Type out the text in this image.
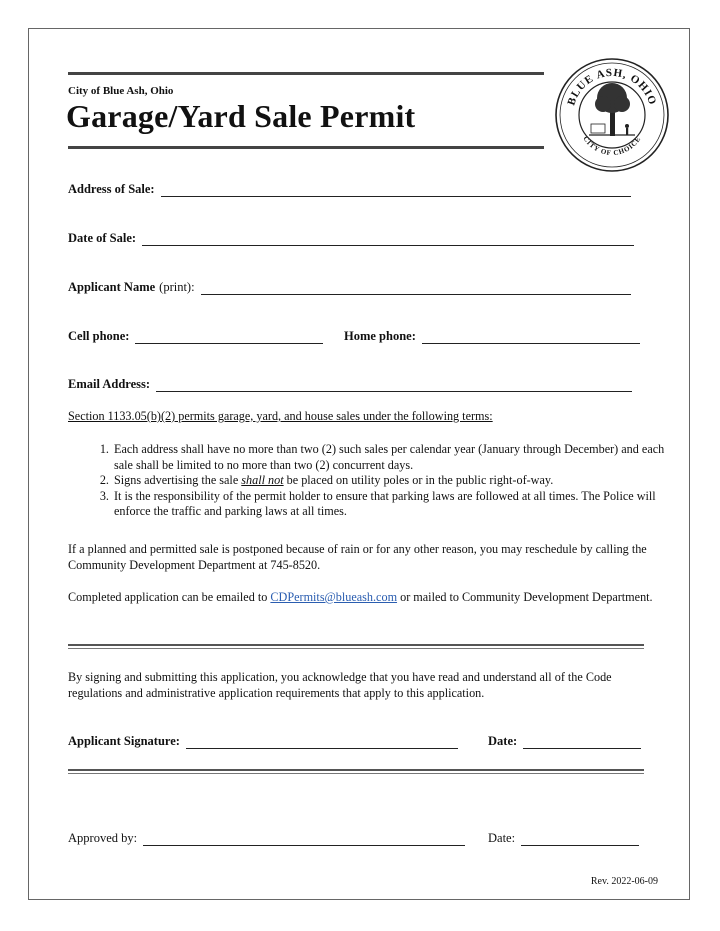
City of Blue Ash, Ohio
Garage/Yard Sale Permit	BLUE ASH, OHIO
CITY OF CHOICE
Address of Sale:
Date of Sale:
Applicant Name (print):
Cell phone:	Home phone:
Email Address:
Section 1133.05(b)(2) permits garage, yard, and house sales under the following terms:
1. Each address shall have no more than two (2) such sales per calendar year (January through December) and each sale shall be limited to no more than two (2) concurrent days.
2. Signs advertising the sale shall not be placed on utility poles or in the public right-of-way.
3. It is the responsibility of the permit holder to ensure that parking laws are followed at all times. The Police will enforce the traffic and parking laws at all times.
If a planned and permitted sale is postponed because of rain or for any other reason, you may reschedule by calling the Community Development Department at 745-8520.
Completed application can be emailed to CDPermits@blueash.com or mailed to Community Development Department.
By signing and submitting this application, you acknowledge that you have read and understand all of the Code regulations and administrative application requirements that apply to this application.
Applicant Signature:	Date:
Approved by:	Date:
Rev. 2022-06-09
